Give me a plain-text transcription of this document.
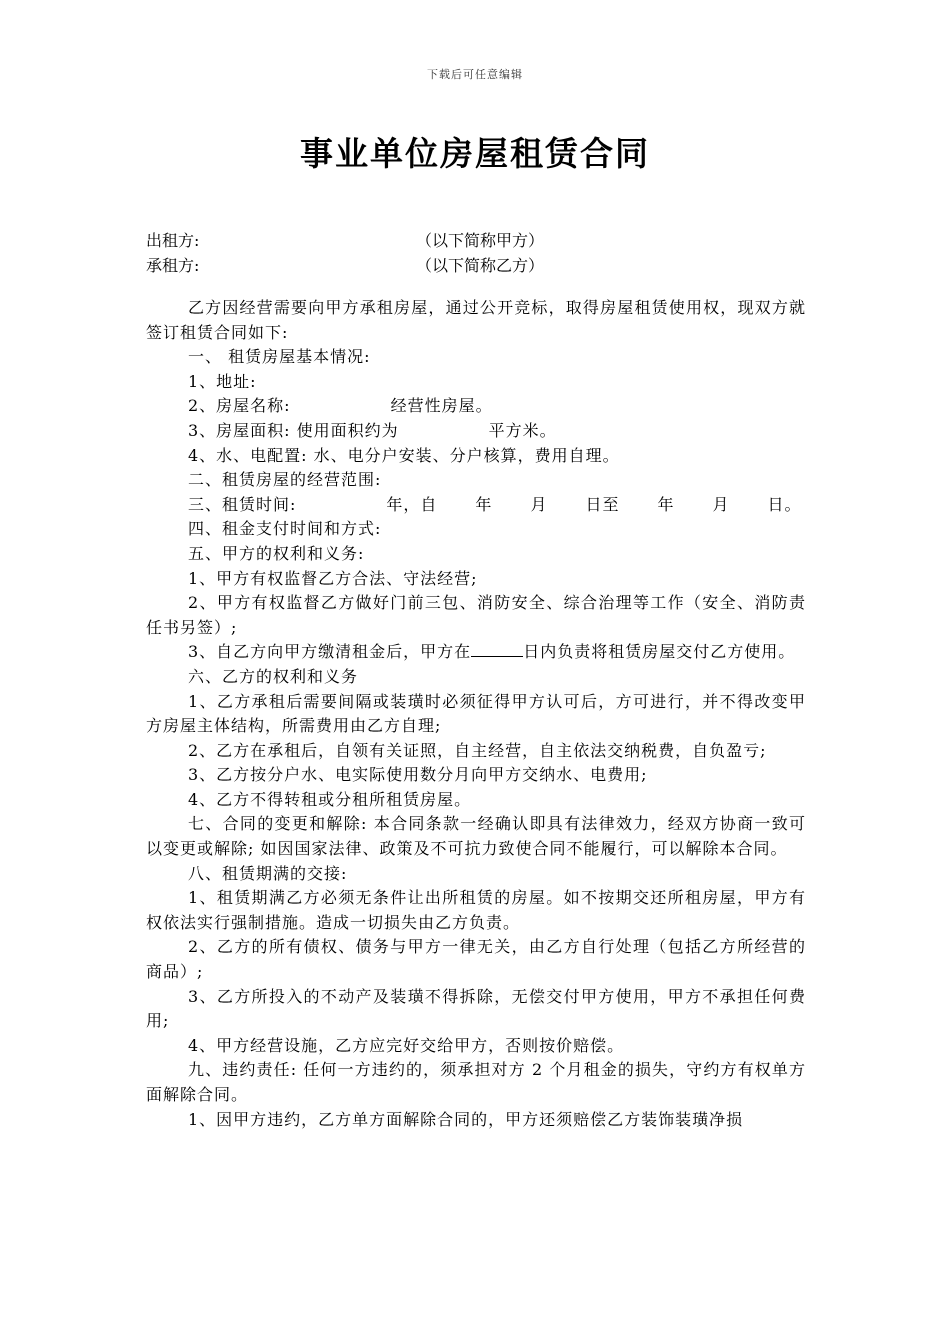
下载后可任意编辑
事业单位房屋租赁合同
出租方:	（以下简称甲方）
承租方:	（以下简称乙方）

乙方因经营需要向甲方承租房屋，通过公开竞标，取得房屋租赁使用权，现双方就签订租赁合同如下:

一、 租赁房屋基本情况:

1、地址:

2、房屋名称:	经营性房屋。

3、房屋面积: 使用面积约为	平方米。

4、水、电配置: 水、电分户安装、分户核算，费用自理。

二、租赁房屋的经营范围:

三、租赁时间:	年，自 年 月 日至 年 月 日。

四、租金支付时间和方式:

五、甲方的权利和义务:

1、甲方有权监督乙方合法、守法经营;

2、甲方有权监督乙方做好门前三包、消防安全、综合治理等工作（安全、消防责任书另签）;

3、自乙方向甲方缴清租金后，甲方在	日内负责将租赁房屋交付乙方使用。

六、乙方的权利和义务

1、乙方承租后需要间隔或装璜时必须征得甲方认可后，方可进行，并不得改变甲方房屋主体结构，所需费用由乙方自理;

2、乙方在承租后，自领有关证照，自主经营，自主依法交纳税费，自负盈亏;

3、乙方按分户水、电实际使用数分月向甲方交纳水、电费用;

4、乙方不得转租或分租所租赁房屋。

七、合同的变更和解除: 本合同条款一经确认即具有法律效力，经双方协商一致可以变更或解除; 如因国家法律、政策及不可抗力致使合同不能履行，可以解除本合同。

八、租赁期满的交接:

1、租赁期满乙方必须无条件让出所租赁的房屋。如不按期交还所租房屋，甲方有权依法实行强制措施。造成一切损失由乙方负责。

2、乙方的所有债权、债务与甲方一律无关，由乙方自行处理（包括乙方所经营的商品）;

3、乙方所投入的不动产及装璜不得拆除，无偿交付甲方使用，甲方不承担任何费用;

4、甲方经营设施，乙方应完好交给甲方，否则按价赔偿。

九、违约责任: 任何一方违约的，须承担对方 2 个月租金的损失，守约方有权单方面解除合同。

1、因甲方违约，乙方单方面解除合同的，甲方还须赔偿乙方装饰装璜净损
